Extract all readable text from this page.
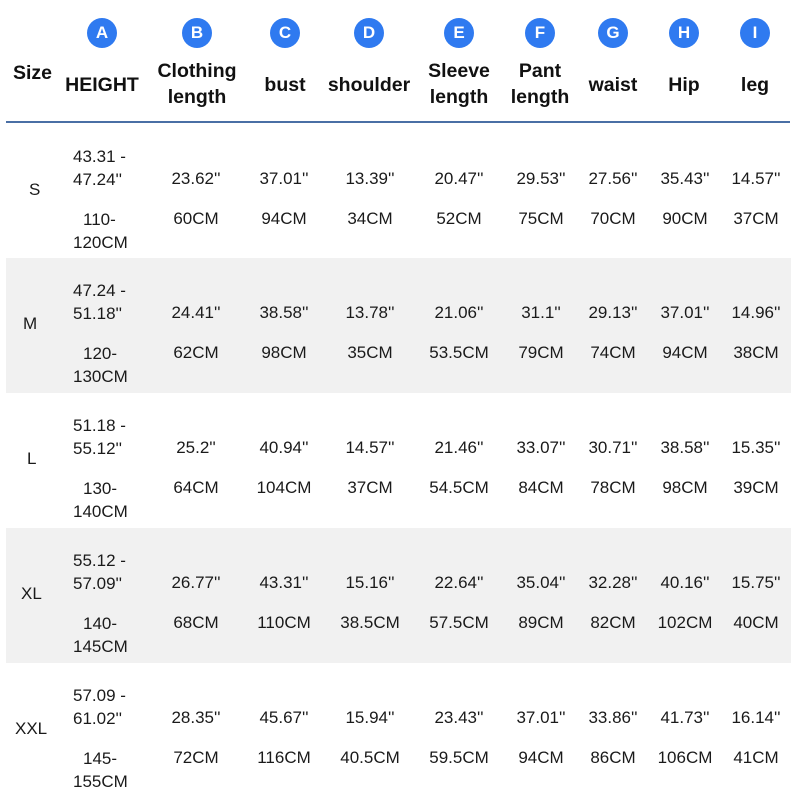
Size
A
HEIGHT
B
Clothing
length
C
bust
D
shoulder
E
Sleeve
length
F
Pant
length
G
waist
H
Hip
I
leg
S
43.31 -
47.24''
110-
120CM
23.62''
60CM
37.01''
94CM
13.39''
34CM
20.47''
52CM
29.53''
75CM
27.56''
70CM
35.43''
90CM
14.57''
37CM
M
47.24 -
51.18''
120-
130CM
24.41''
62CM
38.58''
98CM
13.78''
35CM
21.06''
53.5CM
31.1''
79CM
29.13''
74CM
37.01''
94CM
14.96''
38CM
L
51.18 -
55.12''
130-
140CM
25.2''
64CM
40.94''
104CM
14.57''
37CM
21.46''
54.5CM
33.07''
84CM
30.71''
78CM
38.58''
98CM
15.35''
39CM
XL
55.12 -
57.09''
140-
145CM
26.77''
68CM
43.31''
110CM
15.16''
38.5CM
22.64''
57.5CM
35.04''
89CM
32.28''
82CM
40.16''
102CM
15.75''
40CM
XXL
57.09 -
61.02''
145-
155CM
28.35''
72CM
45.67''
116CM
15.94''
40.5CM
23.43''
59.5CM
37.01''
94CM
33.86''
86CM
41.73''
106CM
16.14''
41CM
